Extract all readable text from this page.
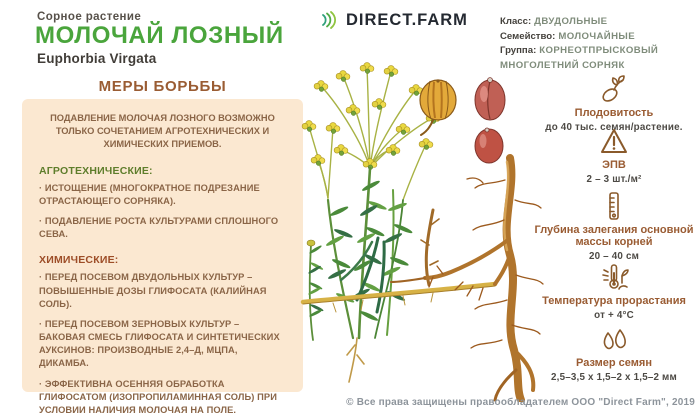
Сорное растение
МОЛОЧАЙ ЛОЗНЫЙ
Euphorbia Virgata
МЕРЫ БОРЬБЫ

ПОДАВЛЕНИЕ МОЛОЧАЯ ЛОЗНОГО ВОЗМОЖНО ТОЛЬКО СОЧЕТАНИЕМ АГРОТЕХНИЧЕСКИХ И ХИМИЧЕСКИХ ПРИЕМОВ.

АГРОТЕХНИЧЕСКИЕ:

· ИСТОЩЕНИЕ (МНОГОКРАТНОЕ ПОДРЕЗАНИЕ ОТРАСТАЮЩЕГО СОРНЯКА).

· ПОДАВЛЕНИЕ РОСТА КУЛЬТУРАМИ СПЛОШНОГО СЕВА.

ХИМИЧЕСКИЕ:

· ПЕРЕД ПОСЕВОМ ДВУДОЛЬНЫХ КУЛЬТУР – ПОВЫШЕННЫЕ ДОЗЫ ГЛИФОСАТА (КАЛИЙНАЯ СОЛЬ).

· ПЕРЕД ПОСЕВОМ ЗЕРНОВЫХ КУЛЬТУР – БАКОВАЯ СМЕСЬ ГЛИФОСАТА И СИНТЕТИЧЕСКИХ АУКСИНОВ: ПРОИЗВОДНЫЕ 2,4–Д, МЦПА, ДИКАМБА.

· ЭФФЕКТИВНА ОСЕННЯЯ ОБРАБОТКА ГЛИФОСАТОМ (ИЗОПРОПИЛАМИННАЯ СОЛЬ) ПРИ УСЛОВИИ НАЛИЧИЯ МОЛОЧАЯ НА ПОЛЕ.

DIRECT.FARM	Класс: ДВУДОЛЬНЫЕ
Семейство: МОЛОЧАЙНЫЕ
Группа: КОРНЕОТПРЫСКОВЫЙ МНОГОЛЕТНИЙ СОРНЯК
Плодовитость
до 40 тыс. семян/растение.
ЭПВ
2 – 3 шт./м²
Глубина залегания основной массы корней
20 – 40 см
Температура прорастания
от + 4°С
Размер семян
2,5–3,5 x 1,5–2 x 1,5–2 мм
© Все права защищены правообладателем ООО "Direct Farm", 2019
